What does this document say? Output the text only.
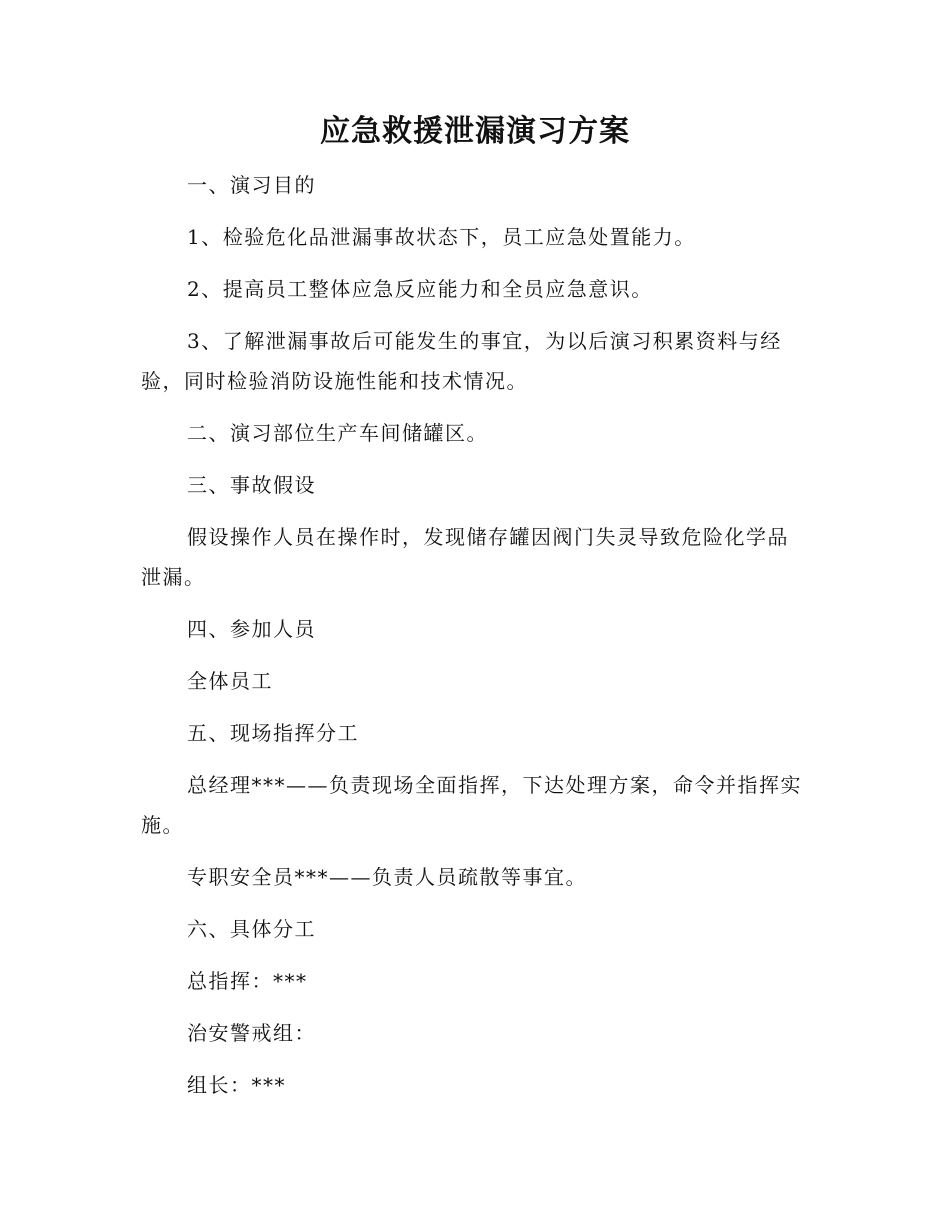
应急救援泄漏演习方案

一、演习目的

1、检验危化品泄漏事故状态下，员工应急处置能力。

2、提高员工整体应急反应能力和全员应急意识。

3、了解泄漏事故后可能发生的事宜，为以后演习积累资料与经验，同时检验消防设施性能和技术情况。

二、演习部位生产车间储罐区。

三、事故假设

假设操作人员在操作时，发现储存罐因阀门失灵导致危险化学品泄漏。

四、参加人员

全体员工

五、现场指挥分工

总经理***——负责现场全面指挥，下达处理方案，命令并指挥实施。

专职安全员***——负责人员疏散等事宜。

六、具体分工

总指挥：***

治安警戒组：

组长：***
